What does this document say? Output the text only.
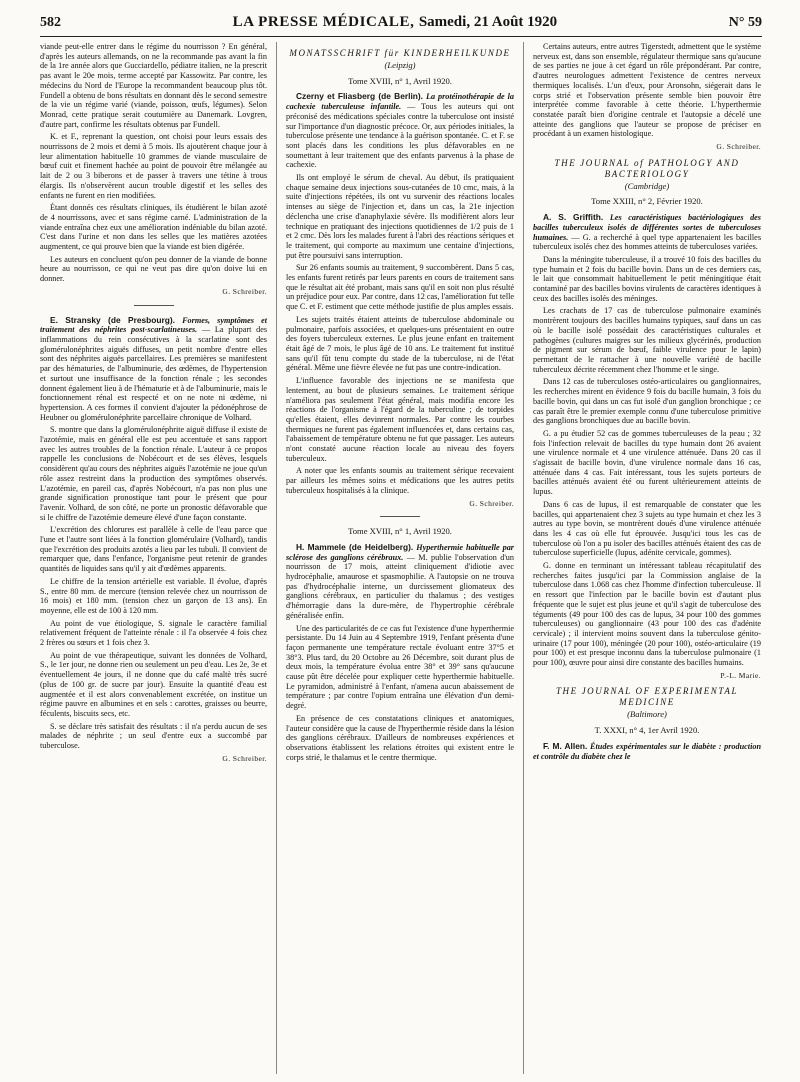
582	LA PRESSE MÉDICALE, Samedi, 21 Août 1920	N° 59

viande peut-elle entrer dans le régime du nourrisson ? En général, d'après les auteurs allemands, on ne la recommande pas avant la fin de la 1re année alors que Gucciardello, pédiatre italien, ne la prescrit pas avant le 20e mois, terme accepté par Kassowitz. Par contre, les médecins du Nord de l'Europe la recommandent beaucoup plus tôt. Fundell a obtenu de bons résultats en donnant dès le second semestre de la vie un régime varié (viande, poisson, œufs, légumes). Selon Monrad, cette pratique serait coutumière au Danemark. Lovgren, d'autre part, confirme les résultats obtenus par Fundell.

K. et F., reprenant la question, ont choisi pour leurs essais des nourrissons de 2 mois et demi à 5 mois. Ils ajoutèrent chaque jour à leur alimentation habituelle 10 grammes de viande musculaire de bœuf cuit et finement hachée au point de pouvoir être mélangée au lait de 2 ou 3 biberons et de passer à travers une tétine à trous élargis. Ils n'observèrent aucun trouble digestif et les selles des enfants ne furent en rien modifiées.

Étant donnés ces résultats cliniques, ils étudièrent le bilan azoté de 4 nourrissons, avec et sans régime carné. L'administration de la viande entraîna chez eux une amélioration indéniable du bilan azoté. C'est dans l'urine et non dans les selles que les matières azotées augmentent, ce qui prouve bien que la viande est bien digérée.

Les auteurs en concluent qu'on peu donner de la viande de bonne heure au nourrisson, ce qui ne veut pas dire qu'on doive lui en donner.

G. Schreiber.

E. Stransky (de Presbourg). Formes, symptômes et traitement des néphrites post-scarlatineuses. — La plupart des inflammations du rein consécutives à la scarlatine sont des glomérulonéphrites aiguës diffuses, un petit nombre d'entre elles sont des néphrites aiguës parcellaires. Les premières se manifestent par des hématuries, de l'albuminurie, des œdèmes, de l'hypertension et surtout une insuffisance de la fonction rénale ; les secondes donnent également lieu à de l'hématurie et à de l'albuminurie, mais le fonctionnement rénal est respecté et on ne note ni œdème, ni hypertension. A ces formes il convient d'ajouter la pédonéphrose de Heubner ou glomérulonéphrite parcellaire chronique de Volhard.

S. montre que dans la glomérulonéphrite aiguë diffuse il existe de l'azotémie, mais en général elle est peu accentuée et sans rapport avec les autres troubles de la fonction rénale. L'auteur à ce propos rappelle les conclusions de Nobécourt et de ses élèves, lesquels considèrent qu'au cours des néphrites aiguës l'azotémie ne joue qu'un rôle assez restreint dans la production des symptômes observés. L'azotémie, en pareil cas, d'après Nobécourt, n'a pas non plus une grande signification pronostique tant pour le présent que pour l'avenir. Volhard, de son côté, ne porte un pronostic défavorable que si le chiffre de l'azotémie demeure élevé d'une façon constante.

L'excrétion des chlorures est parallèle à celle de l'eau parce que l'une et l'autre sont liées à la fonction glomérulaire (Volhard), tandis que l'excrétion des produits azotés a lieu par les tubuli. Il convient de remarquer que, dans l'enfance, l'organisme peut retenir de grandes quantités de liquides sans qu'il y ait d'œdèmes apparents.

Le chiffre de la tension artérielle est variable. Il évolue, d'après S., entre 80 mm. de mercure (tension relevée chez un nourrisson de 16 mois) et 180 mm. (tension chez un garçon de 13 ans). En moyenne, elle est de 100 à 120 mm.

Au point de vue étiologique, S. signale le caractère familial relativement fréquent de l'atteinte rénale : il l'a observée 4 fois chez 2 frères ou sœurs et 1 fois chez 3.

Au point de vue thérapeutique, suivant les données de Volhard, S., le 1er jour, ne donne rien ou seulement un peu d'eau. Les 2e, 3e et éventuellement 4e jours, il ne donne que du café maltè très sucré (plus de 100 gr. de sucre par jour). Ensuite la quantité d'eau est augmentée et il est alors convenablement excrétée, on institue un régime pauvre en albumines et en sels : carottes, graisses ou beurre, féculents, biscuits secs, etc.

S. se déclare très satisfait des résultats : il n'a perdu aucun de ses malades de néphrite ; un seul d'entre eux a succombé par tuberculose.

G. Schreiber.
MONATSSCHRIFT für KINDERHEILKUNDE
(Leipzig)
Tome XVIII, n° 1, Avril 1920.

Czerny et Fliasberg (de Berlin). La protéinothérapie de la cachexie tuberculeuse infantile. — Tous les auteurs qui ont préconisé des médications spéciales contre la tuberculose ont insisté sur l'importance d'un diagnostic précoce. Or, aux périodes initiales, la tuberculose présente une tendance à la guérison spontanée. C. et F. se sont placés dans les conditions les plus défavorables en ne soumettant à leur traitement que des enfants parvenus à la phase de cachexie.

Ils ont employé le sérum de cheval. Au début, ils pratiquaient chaque semaine deux injections sous-cutanées de 10 cmc, mais, à la suite d'injections répétées, ils ont vu survenir des réactions locales intenses au siège de l'injection et, dans un cas, la 21e injection déclencha une crise d'anaphylaxie sévère. Ils modifièrent alors leur technique en pratiquant des injections quotidiennes de 1/2 puis de 1 et 2 cmc. Dès lors les malades furent à l'abri des réactions sériques et le traitement, qui comporte au maximum une centaine d'injections, put être poursuivi sans interruption.

Sur 26 enfants soumis au traitement, 9 succombèrent. Dans 5 cas, les enfants furent retirés par leurs parents en cours de traitement sans que le résultat ait été probant, mais sans qu'il en soit non plus résulté un préjudice pour eux. Par contre, dans 12 cas, l'amélioration fut telle que C. et F. estiment que cette méthode justifie de plus amples essais.

Les sujets traités étaient atteints de tuberculose abdominale ou pulmonaire, parfois associées, et quelques-uns présentaient en outre des foyers tuberculeux externes. Le plus jeune enfant en traitement était âgé de 7 mois, le plus âgé de 10 ans. Le traitement fut institué sans qu'il fût tenu compte du stade de la tuberculose, ni de l'état général. Même une fièvre élevée ne fut pas une contre-indication.

L'influence favorable des injections ne se manifesta que lentement, au bout de plusieurs semaines. Le traitement sérique n'améliora pas seulement l'état général, mais modifia encore les réactions de l'organisme à l'égard de la tuberculine ; de torpides qu'elles étaient, elles devinrent normales. Par contre les courbes thermiques ne furent pas également influencées et, dans certains cas, l'abaissement de température obtenu ne fut que passager. Les auteurs n'ont constaté aucune réaction locale au niveau des foyers tuberculeux.

A noter que les enfants soumis au traitement sérique recevaient par ailleurs les mêmes soins et médications que les autres petits tuberculeux hospitalisés à la clinique.

G. Schreiber.
Tome XVIII, n° 1, Avril 1920.

H. Mammele (de Heidelberg). Hyperthermie habituelle par sclérose des ganglions cérébraux. — M. publie l'observation d'un nourrisson de 17 mois, atteint cliniquement d'idiotie avec hydrocéphalie, amaurose et spasmophilie. A l'autopsie on ne trouva pas d'hydrocéphalie interne, un durcissement gliomateux des ganglions cérébraux, en particulier du thalamus ; des vestiges d'hémorragie dans la dure-mère, de l'hypertrophie cérébrale généralisée enfin.

Une des particularités de ce cas fut l'existence d'une hyperthermie persistante. Du 14 Juin au 4 Septembre 1919, l'enfant présenta d'une façon permanente une température rectale évoluant entre 37°5 et 38°3. Plus tard, du 20 Octobre au 26 Décembre, soit durant plus de deux mois, la température évolua entre 38° et 39° sans qu'aucune cause pût être décelée pour expliquer cette hyperthermie habituelle. Le pyramidon, administré à l'enfant, n'amena aucun abaissement de température ; par contre l'opium entraîna une élévation d'un demi-degré.

En présence de ces constatations cliniques et anatomiques, l'auteur considère que la cause de l'hyperthermie réside dans la lésion des ganglions cérébraux. D'ailleurs de nombreuses expériences et observations établissent les relations étroites qui existent entre le corps strié, le thalamus et le centre thermique.

Certains auteurs, entre autres Tigerstedt, admettent que le système nerveux est, dans son ensemble, régulateur thermique sans qu'aucune de ses parties ne joue à cet égard un rôle prépondérant. Par contre, d'autres neurologues admettent l'existence de centres nerveux thermiques localisés. L'un d'eux, pour Aronsohn, siégerait dans le corps strié et l'observation présente semble bien pouvoir être interprétée comme favorable à cette théorie. L'hyperthermie constatée paraît bien d'origine centrale et l'autopsie a décelé une atteinte des ganglions que l'auteur se propose de préciser en procédant à un examen histologique.

G. Schreiber.
THE JOURNAL of PATHOLOGY AND BACTERIOLOGY
(Cambridge)
Tome XXIII, n° 2, Février 1920.

A. S. Griffith. Les caractéristiques bactériologiques des bacilles tuberculeux isolés de différentes sortes de tuberculoses humaines. — G. a recherché à quel type appartenaient les bacilles tuberculeux isolés chez des hommes atteints de tuberculoses variées.

Dans la méningite tuberculeuse, il a trouvé 10 fois des bacilles du type humain et 2 fois du bacille bovin. Dans un de ces derniers cas, le lait que consommait habituellement le petit méningitique était contaminé par des bacilles bovins virulents de caractères identiques à ceux des bacilles isolés des méninges.

Les crachats de 17 cas de tuberculose pulmonaire examinés montrèrent toujours des bacilles humains typiques, sauf dans un cas où le bacille isolé possédait des caractéristiques culturales et pathogènes (cultures maigres sur les milieux glycérinés, production de pigment sur sérum de bœuf, faible virulence pour le lapin) permettant de le rattacher à une nouvelle variété de bacille tuberculeux décrite récemment chez l'homme et le singe.

Dans 12 cas de tuberculoses ostéo-articulaires ou ganglionnaires, les recherches mirent en évidence 9 fois du bacille humain, 3 fois du bacille bovin, qui dans un cas fut isolé d'un ganglion bronchique ; ce cas paraît être le premier exemple connu d'une tuberculose primitive des ganglions bronchiques due au bacille bovin.

G. a pu étudier 52 cas de gommes tuberculeuses de la peau ; 32 fois l'infection relevait de bacilles du type humain dont 26 avaient une virulence normale et 4 une virulence atténuée. Dans 20 cas il s'agissait de bacille bovin, d'une virulence normale dans 16 cas, atténuée dans 4 cas. Fait intéressant, tous les sujets porteurs de bacilles atténués avaient été ou furent ultérieurement atteints de lupus.

Dans 6 cas de lupus, il est remarquable de constater que les bacilles, qui appartenaient chez 3 sujets au type humain et chez les 3 autres au type bovin, se montrèrent doués d'une virulence atténuée dans les 4 cas où elle fut éprouvée. Jusqu'ici tous les cas de tuberculose où l'on a pu isoler des bacilles atténués étaient des cas de tuberculose superficielle (lupus, adénite cervicale, gommes).

G. donne en terminant un intéressant tableau récapitulatif des recherches faites jusqu'ici par la Commission anglaise de la tuberculose dans 1.068 cas chez l'homme d'infection tuberculeuse. Il en ressort que l'infection par le bacille bovin est d'autant plus fréquente que le sujet est plus jeune et qu'il s'agit de tuberculose des téguments (49 pour 100 des cas de lupus, 34 pour 100 des gommes tuberculeuses) ou ganglionnaire (43 pour 100 des cas d'adénite cervicale) ; il intervient moins souvent dans la tuberculose génito-urinaire (17 pour 100), méningée (20 pour 100), ostéo-articulaire (19 pour 100) et est presque inconnu dans la tuberculose pulmonaire (1 pour 100), œuvre pour ainsi dire constante des bacilles humains.

P.-L. Marie.
THE JOURNAL OF EXPERIMENTAL MEDICINE
(Baltimore)
T. XXXI, n° 4, 1er Avril 1920.

F. M. Allen. Études expérimentales sur le diabète : production et contrôle du diabète chez le
